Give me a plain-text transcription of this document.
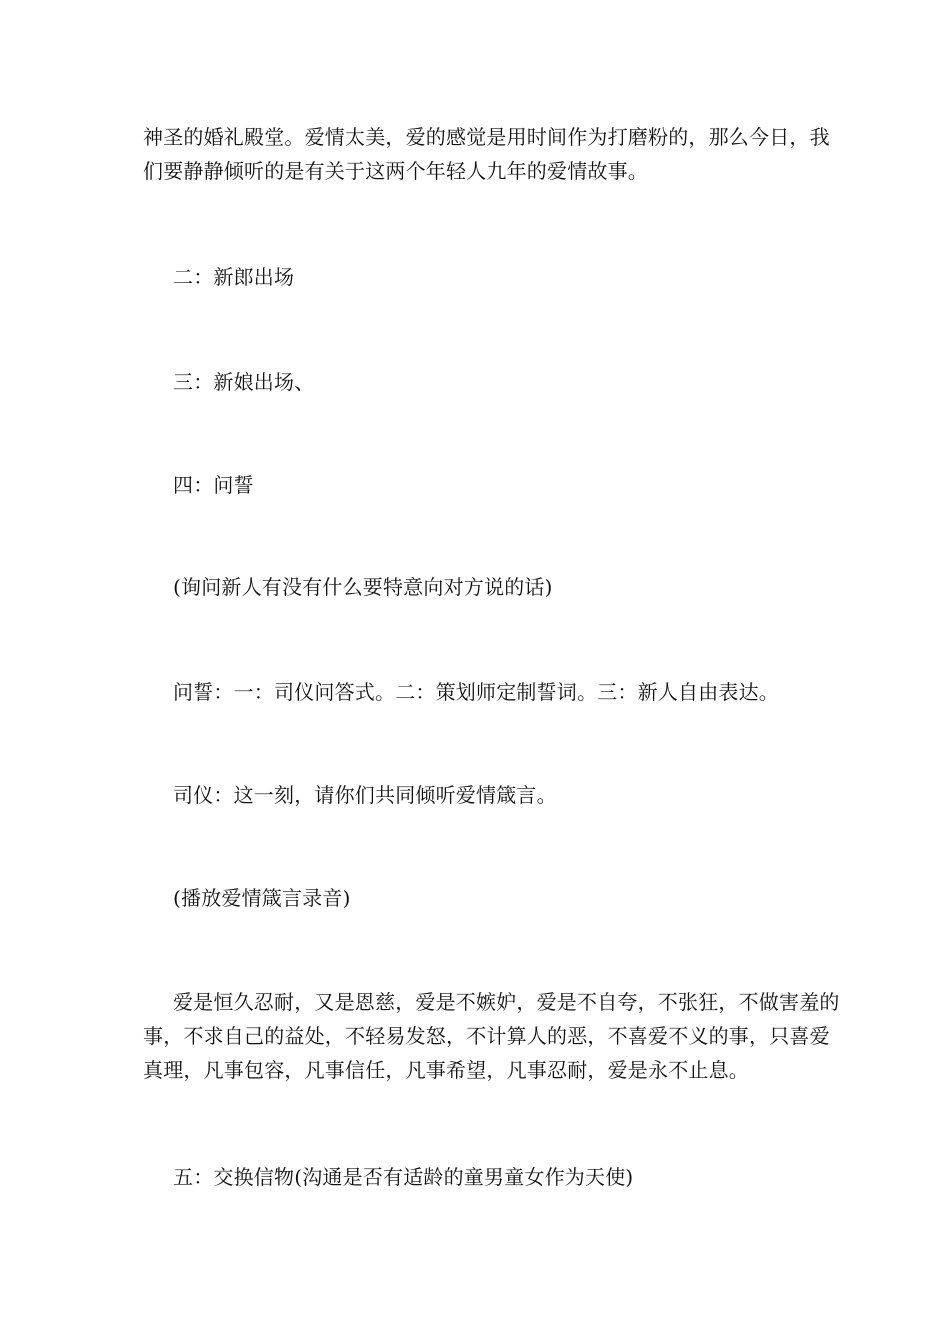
神圣的婚礼殿堂。爱情太美，爱的感觉是用时间作为打磨粉的，那么今日，我
们要静静倾听的是有关于这两个年轻人九年的爱情故事。
二：新郎出场
三：新娘出场、
四：问誓
(询问新人有没有什么要特意向对方说的话)
问誓：一：司仪问答式。二：策划师定制誓词。三：新人自由表达。
司仪：这一刻，请你们共同倾听爱情箴言。
(播放爱情箴言录音)
爱是恒久忍耐，又是恩慈，爱是不嫉妒，爱是不自夸，不张狂，不做害羞的
事，不求自己的益处，不轻易发怒，不计算人的恶，不喜爱不义的事，只喜爱
真理，凡事包容，凡事信任，凡事希望，凡事忍耐，爱是永不止息。
五：交换信物(沟通是否有适龄的童男童女作为天使)
